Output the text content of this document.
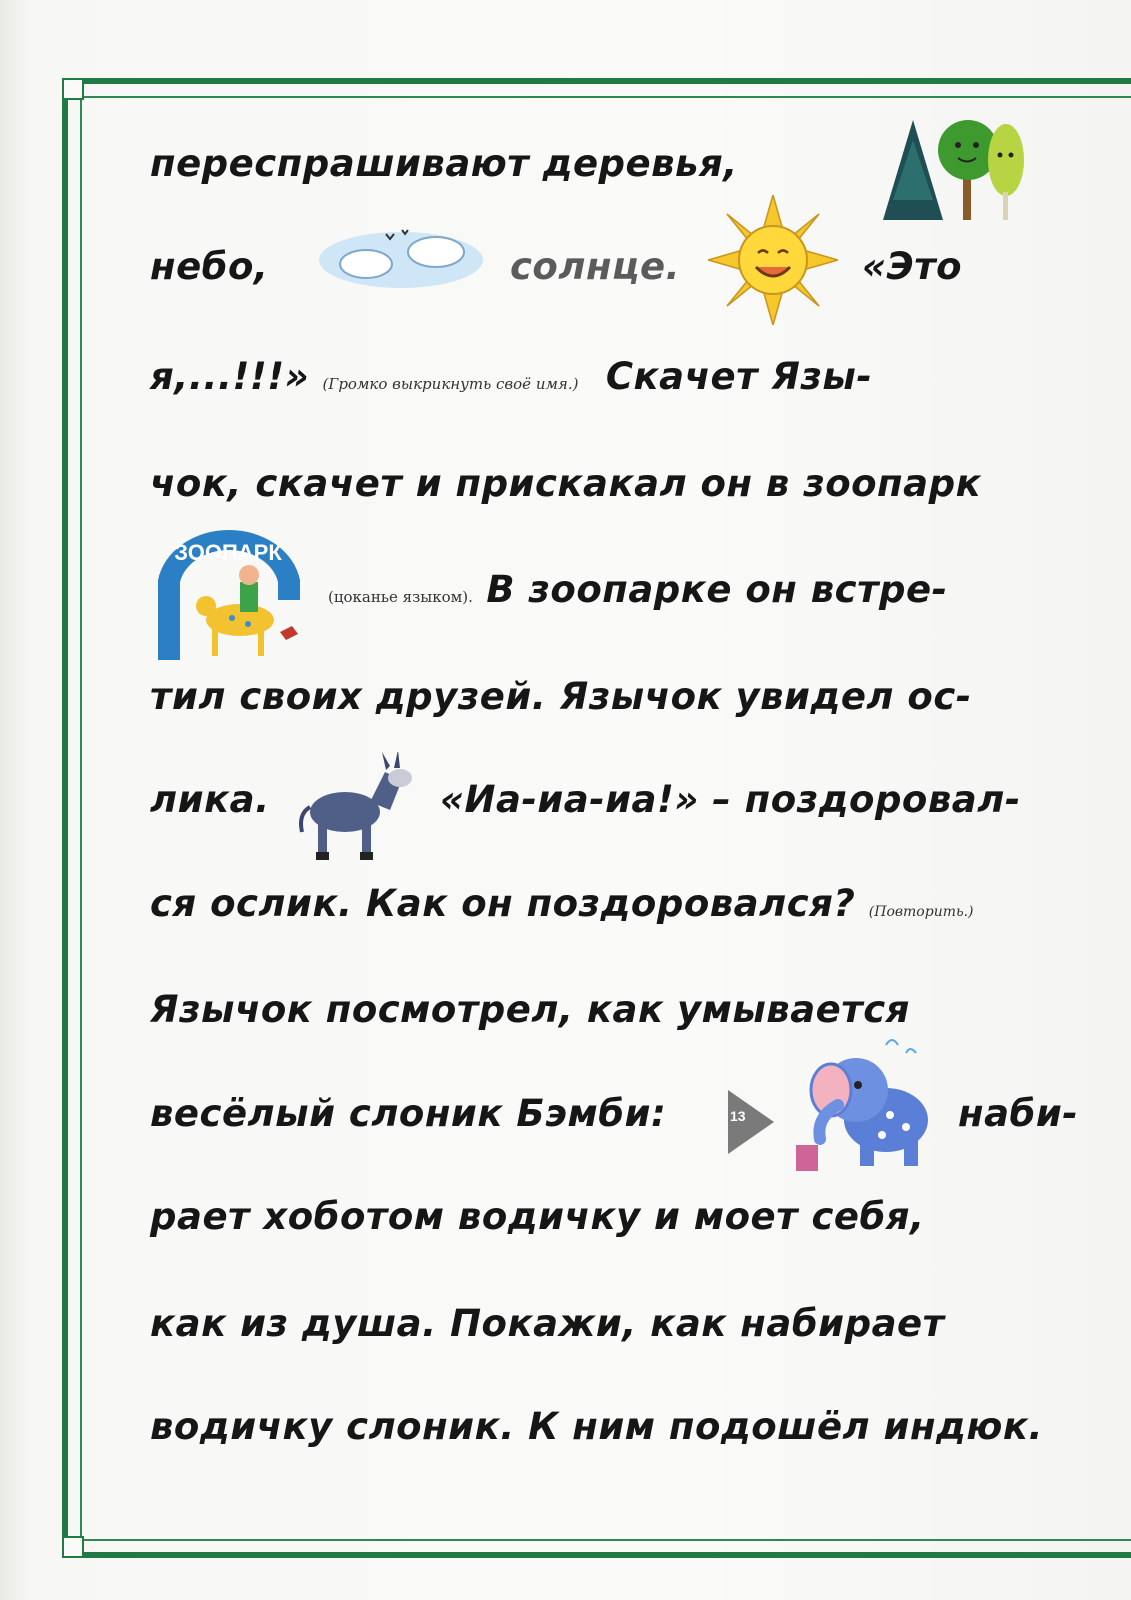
переспрашивают деревья,
небо,	солнце.	«Это
я,...!!!» (Громко выкрикнуть своё имя.) Скачет Язы-
чок, скачет и прискакал он в зоопарк
ЗООПАРК
(цоканье языком). В зоопарке он встре-
тил своих друзей. Язычок увидел ос-
лика.	«Иа-иа-иа!» – поздоровал-
ся ослик. Как он поздоровался? (Повторить.)
Язычок посмотрел, как умывается
весёлый слоник Бэмби:	13	наби-
рает хоботом водичку и моет себя,
как из душа. Покажи, как набирает
водичку слоник. К ним подошёл индюк.
